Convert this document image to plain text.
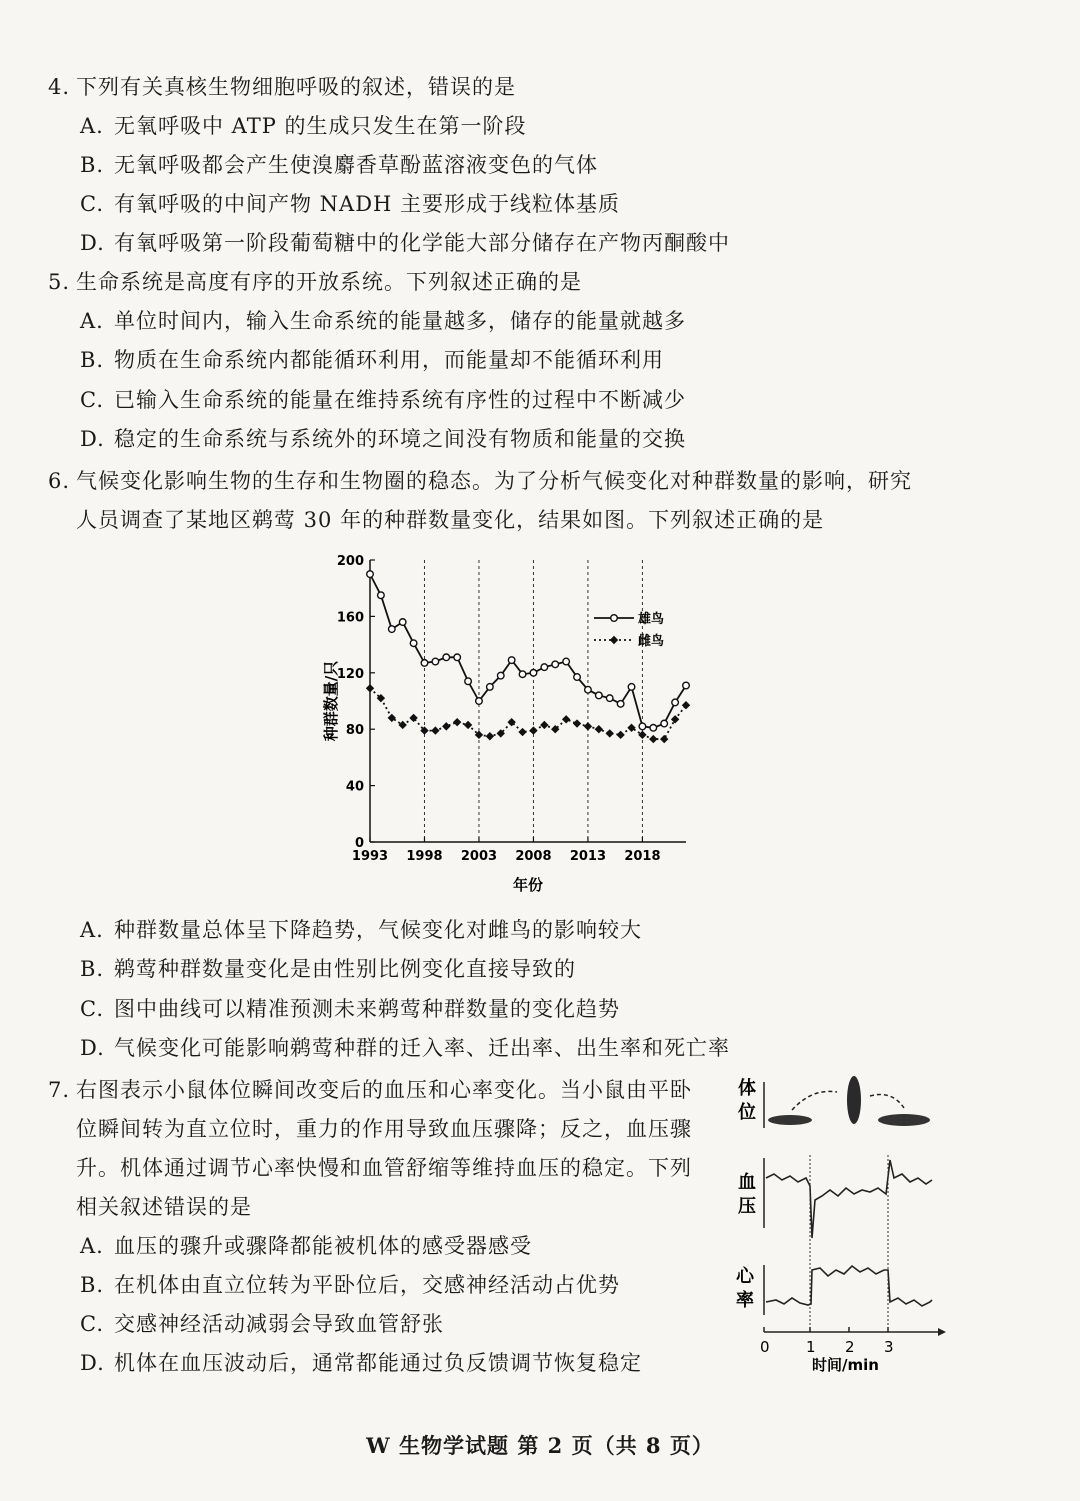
4. 下列有关真核生物细胞呼吸的叙述，错误的是
A. 无氧呼吸中 ATP 的生成只发生在第一阶段
B. 无氧呼吸都会产生使溴麝香草酚蓝溶液变色的气体
C. 有氧呼吸的中间产物 NADH 主要形成于线粒体基质
D. 有氧呼吸第一阶段葡萄糖中的化学能大部分储存在产物丙酮酸中
5. 生命系统是高度有序的开放系统。下列叙述正确的是
A. 单位时间内，输入生命系统的能量越多，储存的能量就越多
B. 物质在生命系统内都能循环利用，而能量却不能循环利用
C. 已输入生命系统的能量在维持系统有序性的过程中不断减少
D. 稳定的生命系统与系统外的环境之间没有物质和能量的交换
6. 气候变化影响生物的生存和生物圈的稳态。为了分析气候变化对种群数量的影响，研究
人员调查了某地区鹈莺 30 年的种群数量变化，结果如图。下列叙述正确的是
0
40
80
120
160
200
1993 1998 2003 2008 2013 2018
年份
种群数量/只
雄鸟
雌鸟
A. 种群数量总体呈下降趋势，气候变化对雌鸟的影响较大
B. 鹈莺种群数量变化是由性别比例变化直接导致的
C. 图中曲线可以精准预测未来鹈莺种群数量的变化趋势
D. 气候变化可能影响鹈莺种群的迁入率、迁出率、出生率和死亡率
7. 右图表示小鼠体位瞬间改变后的血压和心率变化。当小鼠由平卧
位瞬间转为直立位时，重力的作用导致血压骤降；反之，血压骤
升。机体通过调节心率快慢和血管舒缩等维持血压的稳定。下列
相关叙述错误的是
A. 血压的骤升或骤降都能被机体的感受器感受
B. 在机体由直立位转为平卧位后，交感神经活动占优势
C. 交感神经活动减弱会导致血管舒张
D. 机体在血压波动后，通常都能通过负反馈调节恢复稳定
体
位
血
压
心
率
0 1 2 3
时间/min
W 生物学试题 第 2 页（共 8 页）
